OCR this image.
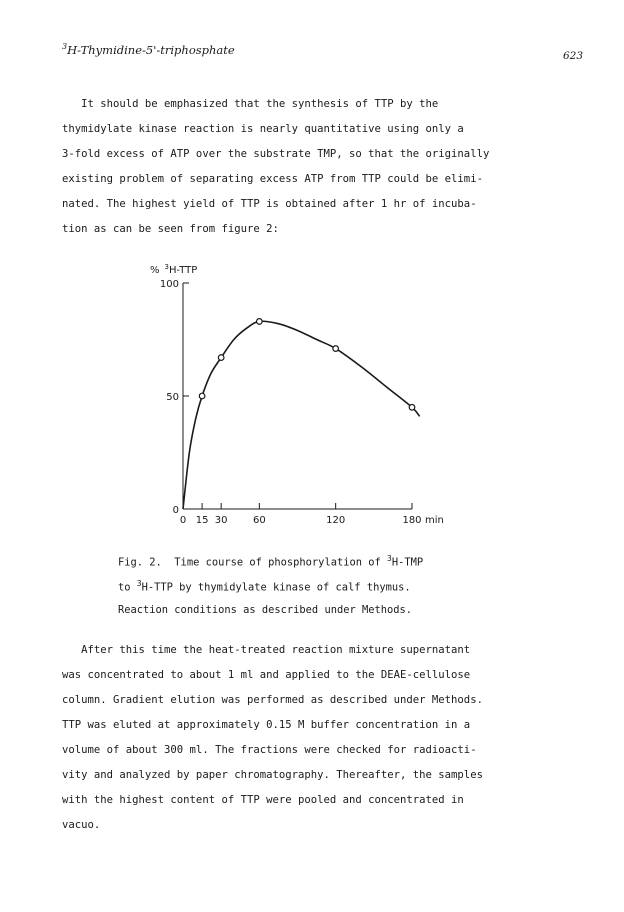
$^3$H-Thymidine-5'-triphosphate	623
It should be emphasized that the synthesis of TTP by the
thymidylate kinase reaction is nearly quantitative using only a
3-fold excess of ATP over the substrate TMP, so that the originally
existing problem of separating excess ATP from TTP could be elimi-
nated. The highest yield of TTP is obtained after 1 hr of incuba-
tion as can be seen from figure 2:
% $^3$H-TTP
0
50
100
0 15 30	60	120	180 min
Fig. 2.  Time course of phosphorylation of $^3$H-TMP
to $^3$H-TTP by thymidylate kinase of calf thymus.
Reaction conditions as described under Methods.
After this time the heat-treated reaction mixture supernatant
was concentrated to about 1 ml and applied to the DEAE-cellulose
column. Gradient elution was performed as described under Methods.
TTP was eluted at approximately 0.15 M buffer concentration in a
volume of about 300 ml. The fractions were checked for radioacti-
vity and analyzed by paper chromatography. Thereafter, the samples
with the highest content of TTP were pooled and concentrated in
vacuo.
